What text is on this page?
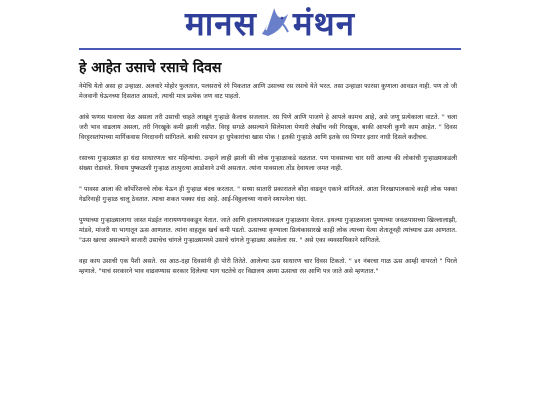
मानस मंथन
हे आहेत उसाचे रसाचे दिवस

नेमेचि येतो असा हा उन्हाळा. अलवारे मोहोर फुलतात, पलसराचे रंगे पिकतात आणि उसाच्या रस रसाचे येते भरत. तसा उन्हाळा फारसा कुणाला आवडत नाही. पण तो जी मेजवानी घेऊनच्या दिसतात आसतो, त्याची मात्र प्रत्येक जण वाट पाहतो.

आंबे फणस यावरचा वेळ असला तरी उसाची चाहते लाखूनं गुऱ्हाळे कैलाच सजलाल. रस पिणे आणि पाजणे हे आपले कामच आहे, असे जणू प्रत्येकाला वाटते. " चला जरी भाव वाढलाय असला, तरी निरखूके कमी झाली नाहीत. विरट्ट सगळे असल्याने सिलेमाला येणारी लेखींच नवी गिरखूक, बाकी आपली कुणी काम आहेत. " दिवस विरट्टरस्तांपाच्या मार्गिकवास निरदावनी सांगितले. बाकी रसपान हा धुपेकारांचा खास पोक ! इतकी गुऱ्हाळे आणि इतके रस पिणार इतार नाधी दिसले कदीचच.

रसाच्या गुऱ्हाळ्यात हा धंदा साधारणतः चार महिन्यांचा. उन्हाने लाही झाली की लोक गुऱ्हाळाकडे वळतात. पण पावसाच्या चार सरी आल्या की लोकांची गुऱ्हाळ्याकडली संख्या रोडावते. विवाय पुष्कळशी गुऱ्हाळ तात्पुरत्या आडोशाने उभी असतात. त्यांना पावसाला तोंड देवायला जमत नाही.

" पावसा आला की कॉर्पोरेशनचे लोक येऊन ही गुऱ्हाळ बंदच करतात. " सध्या सातारी प्रकारातले बोंदा वाढवून एकाने सांगितले. आता निरखापालकाचे काही लोक पक्का गेढरिनाही गुऱ्हाळ चालू ठेवतात. त्याचा शकत पक्का धंदा आहे. आई-विठ्ठलाच्या नावाने स्थापनेला धंदा.

पुण्याच्या गुऱ्हाळ्यालागा जास्त मंडईत नारायणगावकडून येतात. जाते आणि हालापाश्याकडल गुऱ्हाळवार येतात. इथल्या गुऱ्हाळवाला पुण्याच्या जवळपासच्या खिल्लालाझी, मांडवे, मांजरी या भागातून ऊस आणतात. त्यांना वाहतूक खर्च कमी पडतो. ऊसाच्या कृण्याला प्रित्यंकासारखे काही लोक त्याच्या येत्या शेतातूनही त्यांच्याच ऊस आणतात. "ऊस खरचा असल्याने बाजारी उसाचेच चांगले गुऱ्हाळ्यामध्ये उसाचे चांगले गुऱ्हाळ्या असलेला रस. " असे एका व्यवसायिकाने सांगितले.

वहा काय उसाची एक पैशी असते. रस आठ-दहा दिवसांनी ही पोरी तितेते. आलेल्या ऊस साधारण चार दिवस टिकतो. " ४१ नंबरचा गाळ ऊस आम्ही वापरतो " पिरले म्हणाले. "याचं सरकारने भाव वाढवण्यास सरकार दिलेल्या भाग घटतेचे दर विद्यालय अस्या ऊसाचा रस आणि पत्र जाते असे म्हणतात."
